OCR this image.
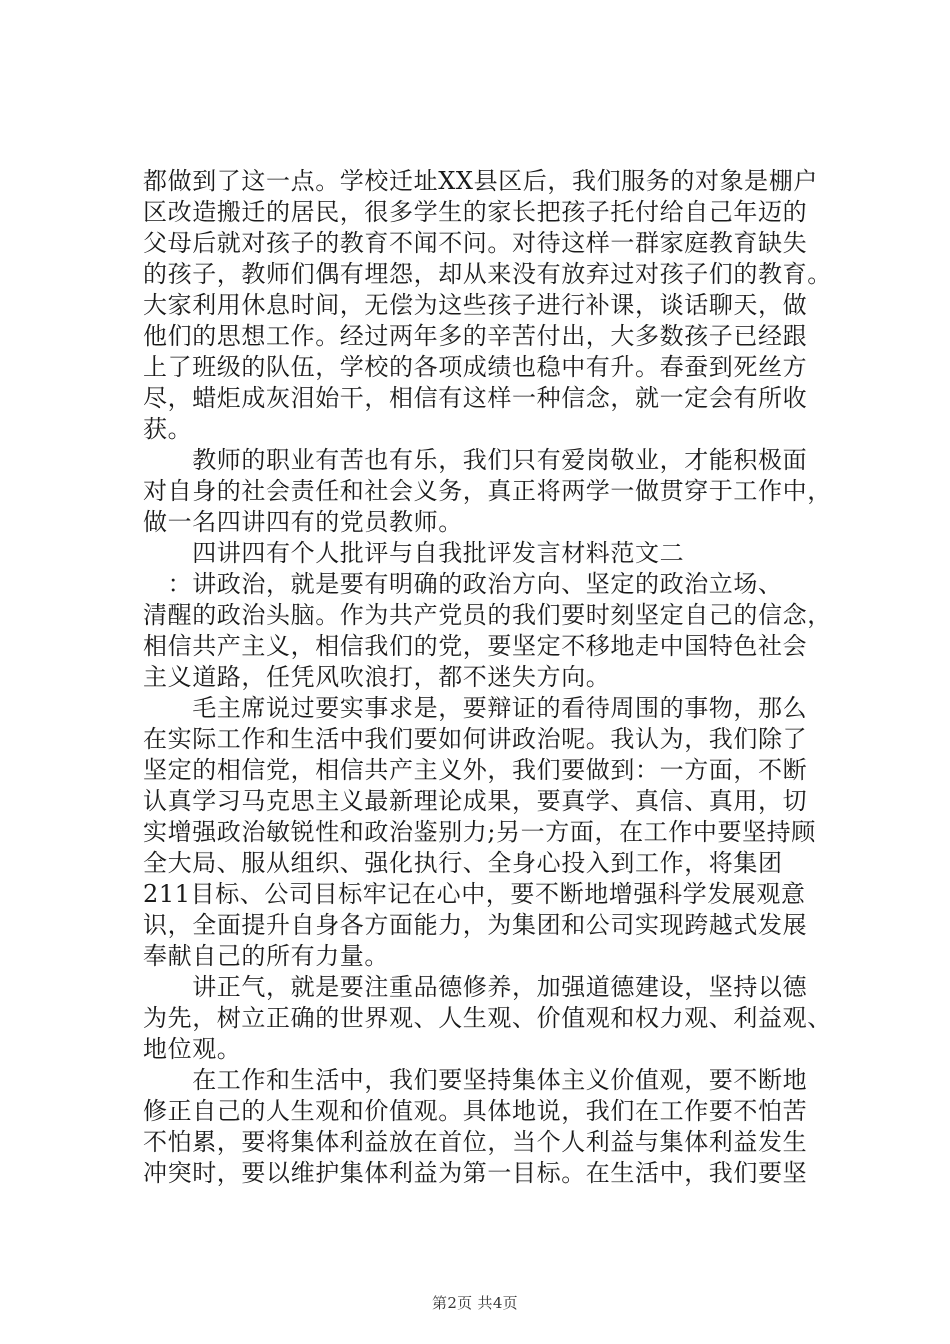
都做到了这一点。学校迁址XX县区后，我们服务的对象是棚户
区改造搬迁的居民，很多学生的家长把孩子托付给自己年迈的
父母后就对孩子的教育不闻不问。对待这样一群家庭教育缺失
的孩子，教师们偶有埋怨，却从来没有放弃过对孩子们的教育。
大家利用休息时间，无偿为这些孩子进行补课，谈话聊天，做
他们的思想工作。经过两年多的辛苦付出，大多数孩子已经跟
上了班级的队伍，学校的各项成绩也稳中有升。春蚕到死丝方
尽，蜡炬成灰泪始干，相信有这样一种信念，就一定会有所收
获。
　　教师的职业有苦也有乐，我们只有爱岗敬业，才能积极面
对自身的社会责任和社会义务，真正将两学一做贯穿于工作中，
做一名四讲四有的党员教师。
　　四讲四有个人批评与自我批评发言材料范文二
　：讲政治，就是要有明确的政治方向、坚定的政治立场、
清醒的政治头脑。作为共产党员的我们要时刻坚定自己的信念，
相信共产主义，相信我们的党，要坚定不移地走中国特色社会
主义道路，任凭风吹浪打，都不迷失方向。
　　毛主席说过要实事求是，要辩证的看待周围的事物，那么
在实际工作和生活中我们要如何讲政治呢。我认为，我们除了
坚定的相信党，相信共产主义外，我们要做到：一方面，不断
认真学习马克思主义最新理论成果，要真学、真信、真用，切
实增强政治敏锐性和政治鉴别力;另一方面，在工作中要坚持顾
全大局、服从组织、强化执行、全身心投入到工作，将集团
211目标、公司目标牢记在心中，要不断地增强科学发展观意
识，全面提升自身各方面能力，为集团和公司实现跨越式发展
奉献自己的所有力量。
　　讲正气，就是要注重品德修养，加强道德建设，坚持以德
为先，树立正确的世界观、人生观、价值观和权力观、利益观、
地位观。
　　在工作和生活中，我们要坚持集体主义价值观，要不断地
修正自己的人生观和价值观。具体地说，我们在工作要不怕苦
不怕累，要将集体利益放在首位，当个人利益与集体利益发生
冲突时，要以维护集体利益为第一目标。在生活中，我们要坚
第2页 共4页
